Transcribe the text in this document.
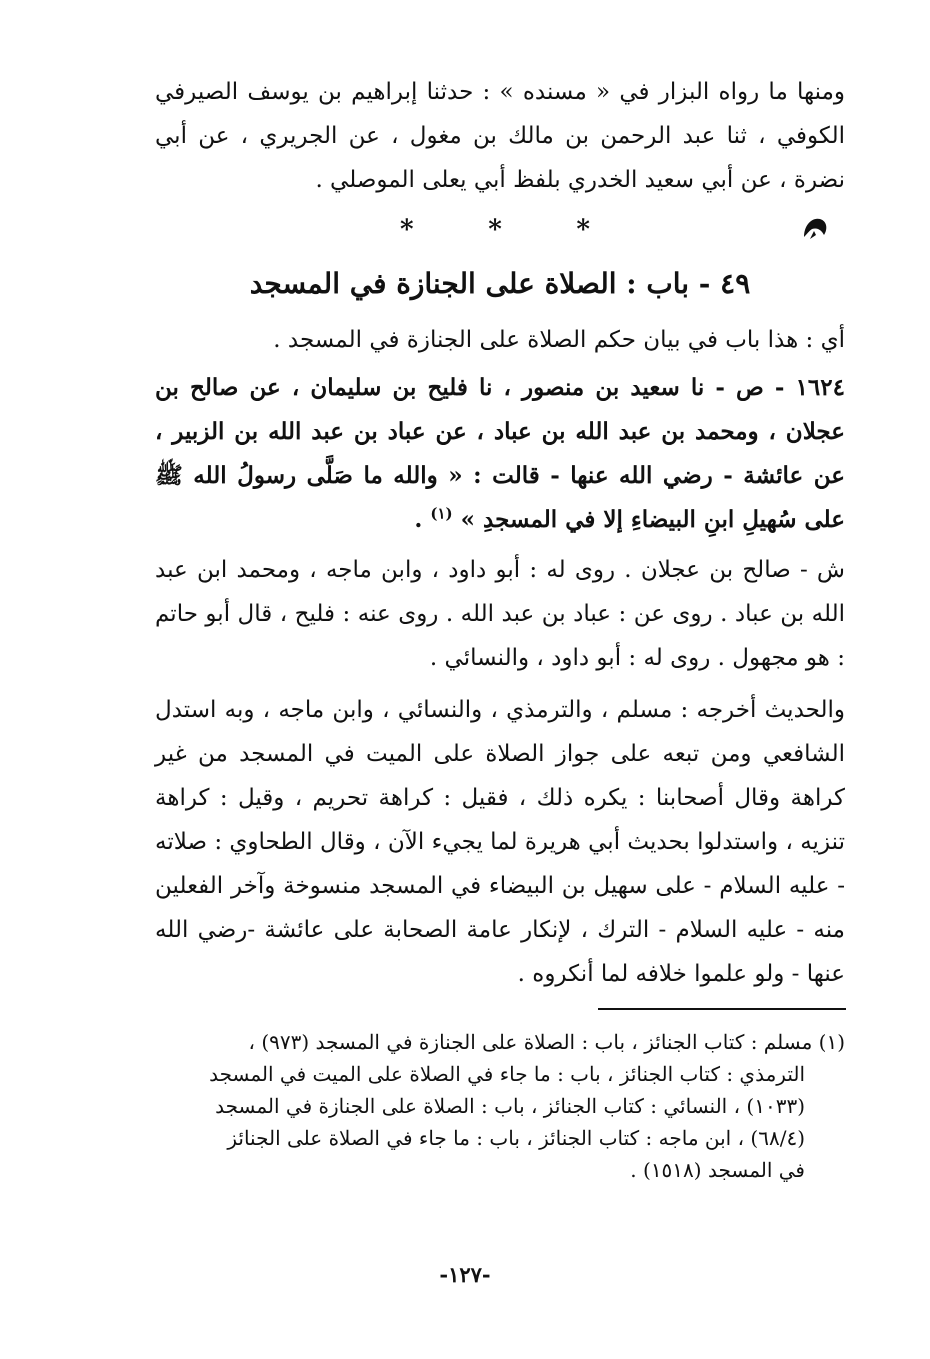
ومنها ما رواه البزار في « مسنده » : حدثنا إبراهيم بن يوسف الصيرفي الكوفي ، ثنا عبد الرحمن بن مالك بن مغول ، عن الجريري ، عن أبي نضرة ، عن أبي سعيد الخدري بلفظ أبي يعلى الموصلي .

*	*	*
٤٩ - باب : الصلاة على الجنازة في المسجد

أي : هذا باب في بيان حكم الصلاة على الجنازة في المسجد .

١٦٢٤ - ص - نا سعيد بن منصور ، نا فليح بن سليمان ، عن صالح بن عجلان ، ومحمد بن عبد الله بن عباد ، عن عباد بن عبد الله بن الزبير ، عن عائشة - رضي الله عنها - قالت : « والله ما صَلَّى رسولُ الله ﷺ على سُهيلِ ابنِ البيضاءِ إلا في المسجدِ » $^{(١)}$ .

ش - صالح بن عجلان . روى له : أبو داود ، وابن ماجه ، ومحمد ابن عبد الله بن عباد . روى عن : عباد بن عبد الله . روى عنه : فليح ، قال أبو حاتم : هو مجهول . روى له : أبو داود ، والنسائي .

والحديث أخرجه : مسلم ، والترمذي ، والنسائي ، وابن ماجه ، وبه استدل الشافعي ومن تبعه على جواز الصلاة على الميت في المسجد من غير كراهة وقال أصحابنا : يكره ذلك ، فقيل : كراهة تحريم ، وقيل : كراهة تنزيه ، واستدلوا بحديث أبي هريرة لما يجيء الآن ، وقال الطحاوي : صلاته - عليه السلام - على سهيل بن البيضاء في المسجد منسوخة وآخر الفعلين منه - عليه السلام - الترك ، لإنكار عامة الصحابة على عائشة -رضي الله عنها - ولو علموا خلافه لما أنكروه .

(١) مسلم : كتاب الجنائز ، باب : الصلاة على الجنازة في المسجد (٩٧٣) ،

الترمذي : كتاب الجنائز ، باب : ما جاء في الصلاة على الميت في المسجد

(١٠٣٣) ، النسائي : كتاب الجنائز ، باب : الصلاة على الجنازة في المسجد

(٦٨/٤) ، ابن ماجه : كتاب الجنائز ، باب : ما جاء في الصلاة على الجنائز

في المسجد (١٥١٨) .

-١٢٧-
